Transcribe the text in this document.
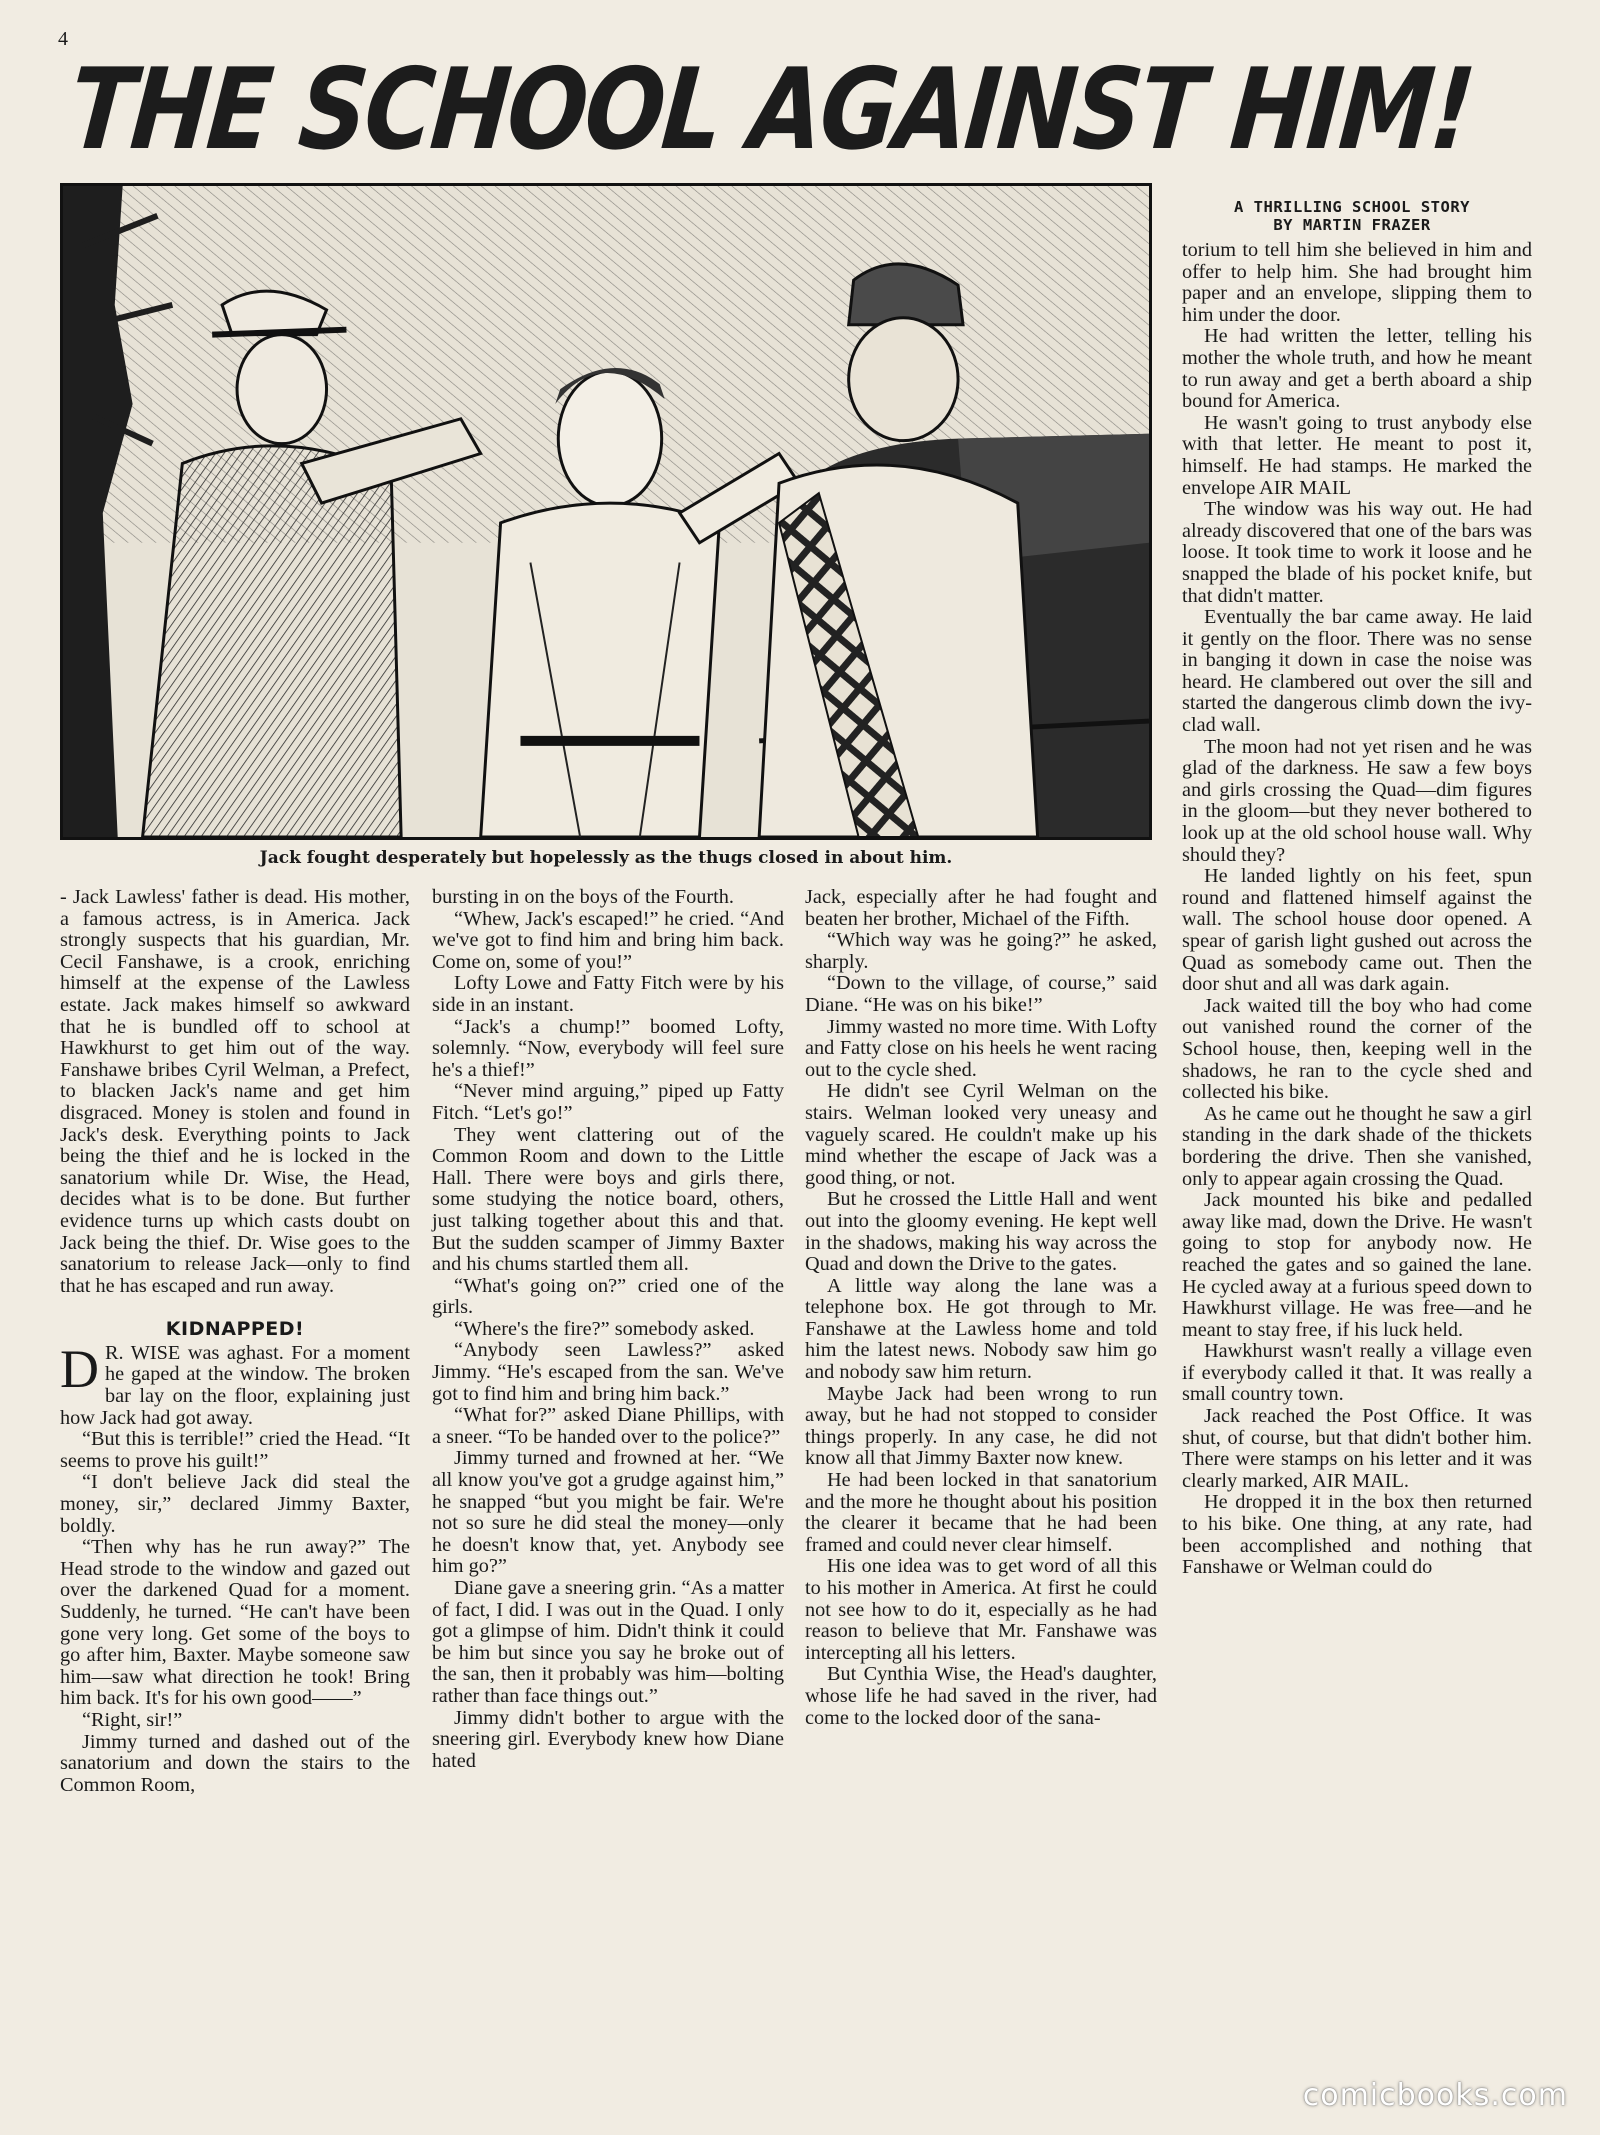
4
THE SCHOOL AGAINST HIM!
Jack fought desperately but hopelessly as the thugs closed in about him.
A THRILLING SCHOOL STORY
BY MARTIN FRAZER

- Jack Lawless' father is dead. His mother, a famous actress, is in America. Jack strongly suspects that his guardian, Mr. Cecil Fanshawe, is a crook, enriching himself at the expense of the Lawless estate. Jack makes himself so awkward that he is bundled off to school at Hawkhurst to get him out of the way. Fanshawe bribes Cyril Welman, a Prefect, to blacken Jack's name and get him disgraced. Money is stolen and found in Jack's desk. Everything points to Jack being the thief and he is locked in the sanatorium while Dr. Wise, the Head, decides what is to be done. But further evidence turns up which casts doubt on Jack being the thief. Dr. Wise goes to the sanatorium to release Jack—only to find that he has escaped and run away.

KIDNAPPED!

D R. WISE was aghast. For a moment he gaped at the window. The broken bar lay on the floor, explaining just how Jack had got away.

“But this is terrible!” cried the Head. “It seems to prove his guilt!”

“I don't believe Jack did steal the money, sir,” declared Jimmy Baxter, boldly.

“Then why has he run away?” The Head strode to the window and gazed out over the darkened Quad for a moment. Suddenly, he turned. “He can't have been gone very long. Get some of the boys to go after him, Baxter. Maybe someone saw him—saw what direction he took! Bring him back. It's for his own good——”

“Right, sir!”

Jimmy turned and dashed out of the sanatorium and down the stairs to the Common Room,

bursting in on the boys of the Fourth.

“Whew, Jack's escaped!” he cried. “And we've got to find him and bring him back. Come on, some of you!”

Lofty Lowe and Fatty Fitch were by his side in an instant.

“Jack's a chump!” boomed Lofty, solemnly. “Now, everybody will feel sure he's a thief!”

“Never mind arguing,” piped up Fatty Fitch. “Let's go!”

They went clattering out of the Common Room and down to the Little Hall. There were boys and girls there, some studying the notice board, others, just talking together about this and that. But the sudden scamper of Jimmy Baxter and his chums startled them all.

“What's going on?” cried one of the girls.

“Where's the fire?” somebody asked.

“Anybody seen Lawless?” asked Jimmy. “He's escaped from the san. We've got to find him and bring him back.”

“What for?” asked Diane Phillips, with a sneer. “To be handed over to the police?”

Jimmy turned and frowned at her. “We all know you've got a grudge against him,” he snapped “but you might be fair. We're not so sure he did steal the money—only he doesn't know that, yet. Anybody see him go?”

Diane gave a sneering grin. “As a matter of fact, I did. I was out in the Quad. I only got a glimpse of him. Didn't think it could be him but since you say he broke out of the san, then it probably was him—bolting rather than face things out.”

Jimmy didn't bother to argue with the sneering girl. Everybody knew how Diane hated

Jack, especially after he had fought and beaten her brother, Michael of the Fifth.

“Which way was he going?” he asked, sharply.

“Down to the village, of course,” said Diane. “He was on his bike!”

Jimmy wasted no more time. With Lofty and Fatty close on his heels he went racing out to the cycle shed.

He didn't see Cyril Welman on the stairs. Welman looked very uneasy and vaguely scared. He couldn't make up his mind whether the escape of Jack was a good thing, or not.

But he crossed the Little Hall and went out into the gloomy evening. He kept well in the shadows, making his way across the Quad and down the Drive to the gates.

A little way along the lane was a telephone box. He got through to Mr. Fanshawe at the Lawless home and told him the latest news. Nobody saw him go and nobody saw him return.

Maybe Jack had been wrong to run away, but he had not stopped to consider things properly. In any case, he did not know all that Jimmy Baxter now knew.

He had been locked in that sanatorium and the more he thought about his position the clearer it became that he had been framed and could never clear himself.

His one idea was to get word of all this to his mother in America. At first he could not see how to do it, especially as he had reason to believe that Mr. Fanshawe was intercepting all his letters.

But Cynthia Wise, the Head's daughter, whose life he had saved in the river, had come to the locked door of the sana-

torium to tell him she believed in him and offer to help him. She had brought him paper and an envelope, slipping them to him under the door.

He had written the letter, telling his mother the whole truth, and how he meant to run away and get a berth aboard a ship bound for America.

He wasn't going to trust anybody else with that letter. He meant to post it, himself. He had stamps. He marked the envelope AIR MAIL

The window was his way out. He had already discovered that one of the bars was loose. It took time to work it loose and he snapped the blade of his pocket knife, but that didn't matter.

Eventually the bar came away. He laid it gently on the floor. There was no sense in banging it down in case the noise was heard. He clambered out over the sill and started the dangerous climb down the ivy-clad wall.

The moon had not yet risen and he was glad of the darkness. He saw a few boys and girls crossing the Quad—dim figures in the gloom—but they never bothered to look up at the old school house wall. Why should they?

He landed lightly on his feet, spun round and flattened himself against the wall. The school house door opened. A spear of garish light gushed out across the Quad as somebody came out. Then the door shut and all was dark again.

Jack waited till the boy who had come out vanished round the corner of the School house, then, keeping well in the shadows, he ran to the cycle shed and collected his bike.

As he came out he thought he saw a girl standing in the dark shade of the thickets bordering the drive. Then she vanished, only to appear again crossing the Quad.

Jack mounted his bike and pedalled away like mad, down the Drive. He wasn't going to stop for anybody now. He reached the gates and so gained the lane. He cycled away at a furious speed down to Hawkhurst village. He was free—and he meant to stay free, if his luck held.

Hawkhurst wasn't really a village even if everybody called it that. It was really a small country town.

Jack reached the Post Office. It was shut, of course, but that didn't bother him. There were stamps on his letter and it was clearly marked, AIR MAIL.

He dropped it in the box then returned to his bike. One thing, at any rate, had been accomplished and nothing that Fanshawe or Welman could do

comicbooks.com
